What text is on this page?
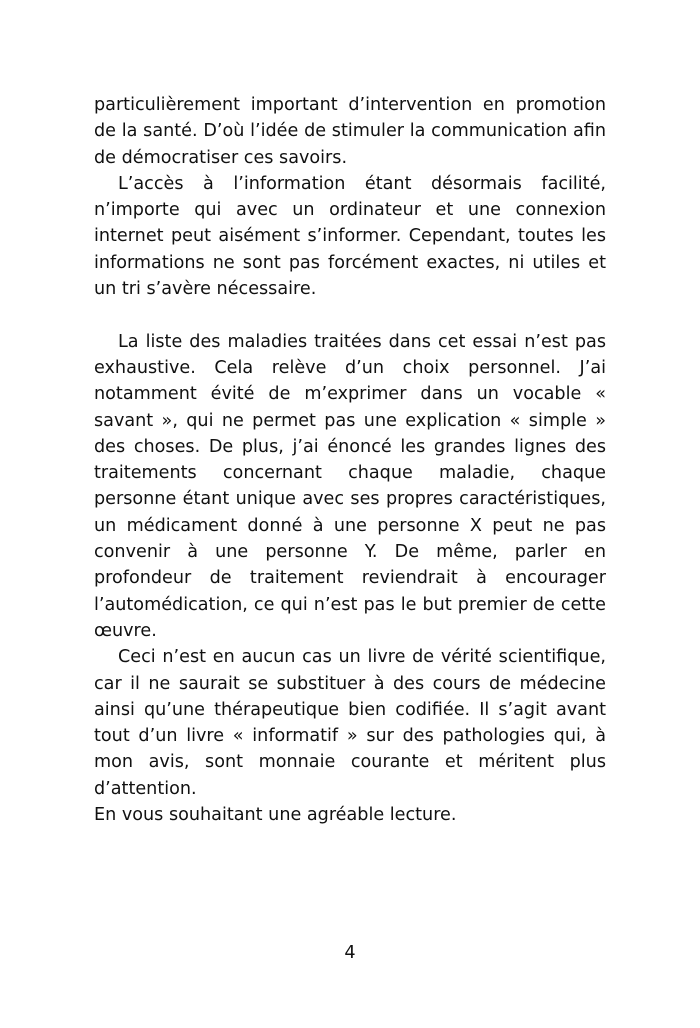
particulièrement important d’intervention en promotion de la santé. D’où l’idée de stimuler la communication afin de démocratiser ces savoirs.

L’accès à l’information étant désormais facilité, n’importe qui avec un ordinateur et une connexion internet peut aisément s’informer. Cependant, toutes les informations ne sont pas forcément exactes, ni utiles et un tri s’avère nécessaire.

La liste des maladies traitées dans cet essai n’est pas exhaustive. Cela relève d’un choix personnel. J’ai notamment évité de m’exprimer dans un vocable « savant », qui ne permet pas une explication « simple » des choses. De plus, j’ai énoncé les grandes lignes des traitements concernant chaque maladie, chaque personne étant unique avec ses propres caractéristiques, un médicament donné à une personne X peut ne pas convenir à une personne Y. De même, parler en profondeur de traitement reviendrait à encourager l’automédication, ce qui n’est pas le but premier de cette œuvre.

Ceci n’est en aucun cas un livre de vérité scientifique, car il ne saurait se substituer à des cours de médecine ainsi qu’une thérapeutique bien codifiée. Il s’agit avant tout d’un livre « informatif » sur des pathologies qui, à mon avis, sont monnaie courante et méritent plus d’attention.

En vous souhaitant une agréable lecture.

4
